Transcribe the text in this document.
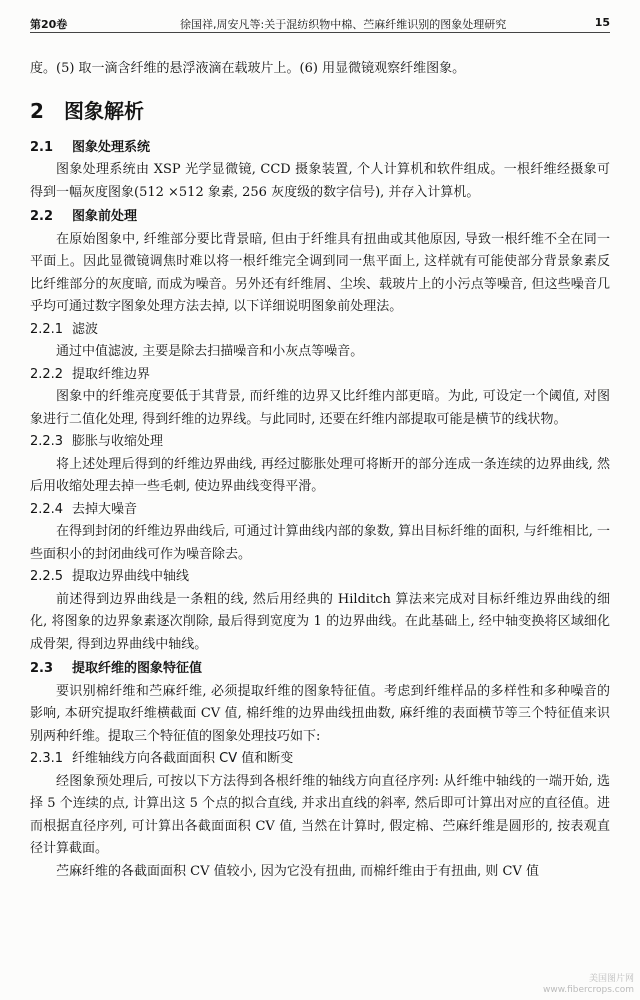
第20卷	徐国祥,周安凡等:关于混纺织物中棉、苎麻纤维识别的图象处理研究	15

度。(5) 取一滴含纤维的悬浮液滴在载玻片上。(6) 用显微镜观察纤维图象。

2 图象解析
2.1 图象处理系统

图象处理系统由 XSP 光学显微镜, CCD 摄象装置, 个人计算机和软件组成。一根纤维经摄象可得到一幅灰度图象(512 ×512 象素, 256 灰度级的数字信号), 并存入计算机。

2.2 图象前处理

在原始图象中, 纤维部分要比背景暗, 但由于纤维具有扭曲或其他原因, 导致一根纤维不全在同一平面上。因此显微镜调焦时难以将一根纤维完全调到同一焦平面上, 这样就有可能使部分背景象素反比纤维部分的灰度暗, 而成为噪音。另外还有纤维屑、尘埃、载玻片上的小污点等噪音, 但这些噪音几乎均可通过数字图象处理方法去掉, 以下详细说明图象前处理法。

2.2.1 滤波

通过中值滤波, 主要是除去扫描噪音和小灰点等噪音。

2.2.2 提取纤维边界

图象中的纤维亮度要低于其背景, 而纤维的边界又比纤维内部更暗。为此, 可设定一个阈值, 对图象进行二值化处理, 得到纤维的边界线。与此同时, 还要在纤维内部提取可能是横节的线状物。

2.2.3 膨胀与收缩处理

将上述处理后得到的纤维边界曲线, 再经过膨胀处理可将断开的部分连成一条连续的边界曲线, 然后用收缩处理去掉一些毛刺, 使边界曲线变得平滑。

2.2.4 去掉大噪音

在得到封闭的纤维边界曲线后, 可通过计算曲线内部的象数, 算出目标纤维的面积, 与纤维相比, 一些面积小的封闭曲线可作为噪音除去。

2.2.5 提取边界曲线中轴线

前述得到边界曲线是一条粗的线, 然后用经典的 Hilditch 算法来完成对目标纤维边界曲线的细化, 将图象的边界象素逐次削除, 最后得到宽度为 1 的边界曲线。在此基础上, 经中轴变换将区域细化成骨架, 得到边界曲线中轴线。

2.3 提取纤维的图象特征值

要识别棉纤维和苎麻纤维, 必须提取纤维的图象特征值。考虑到纤维样品的多样性和多种噪音的影响, 本研究提取纤维横截面 CV 值, 棉纤维的边界曲线扭曲数, 麻纤维的表面横节等三个特征值来识别两种纤维。提取三个特征值的图象处理技巧如下:

2.3.1 纤维轴线方向各截面面积 CV 值和断变

经图象预处理后, 可按以下方法得到各根纤维的轴线方向直径序列: 从纤维中轴线的一端开始, 选择 5 个连续的点, 计算出这 5 个点的拟合直线, 并求出直线的斜率, 然后即可计算出对应的直径值。进而根据直径序列, 可计算出各截面面积 CV 值, 当然在计算时, 假定棉、苎麻纤维是圆形的, 按表观直径计算截面。

苎麻纤维的各截面面积 CV 值较小, 因为它没有扭曲, 而棉纤维由于有扭曲, 则 CV 值

美国图片网
www.fibercrops.com
